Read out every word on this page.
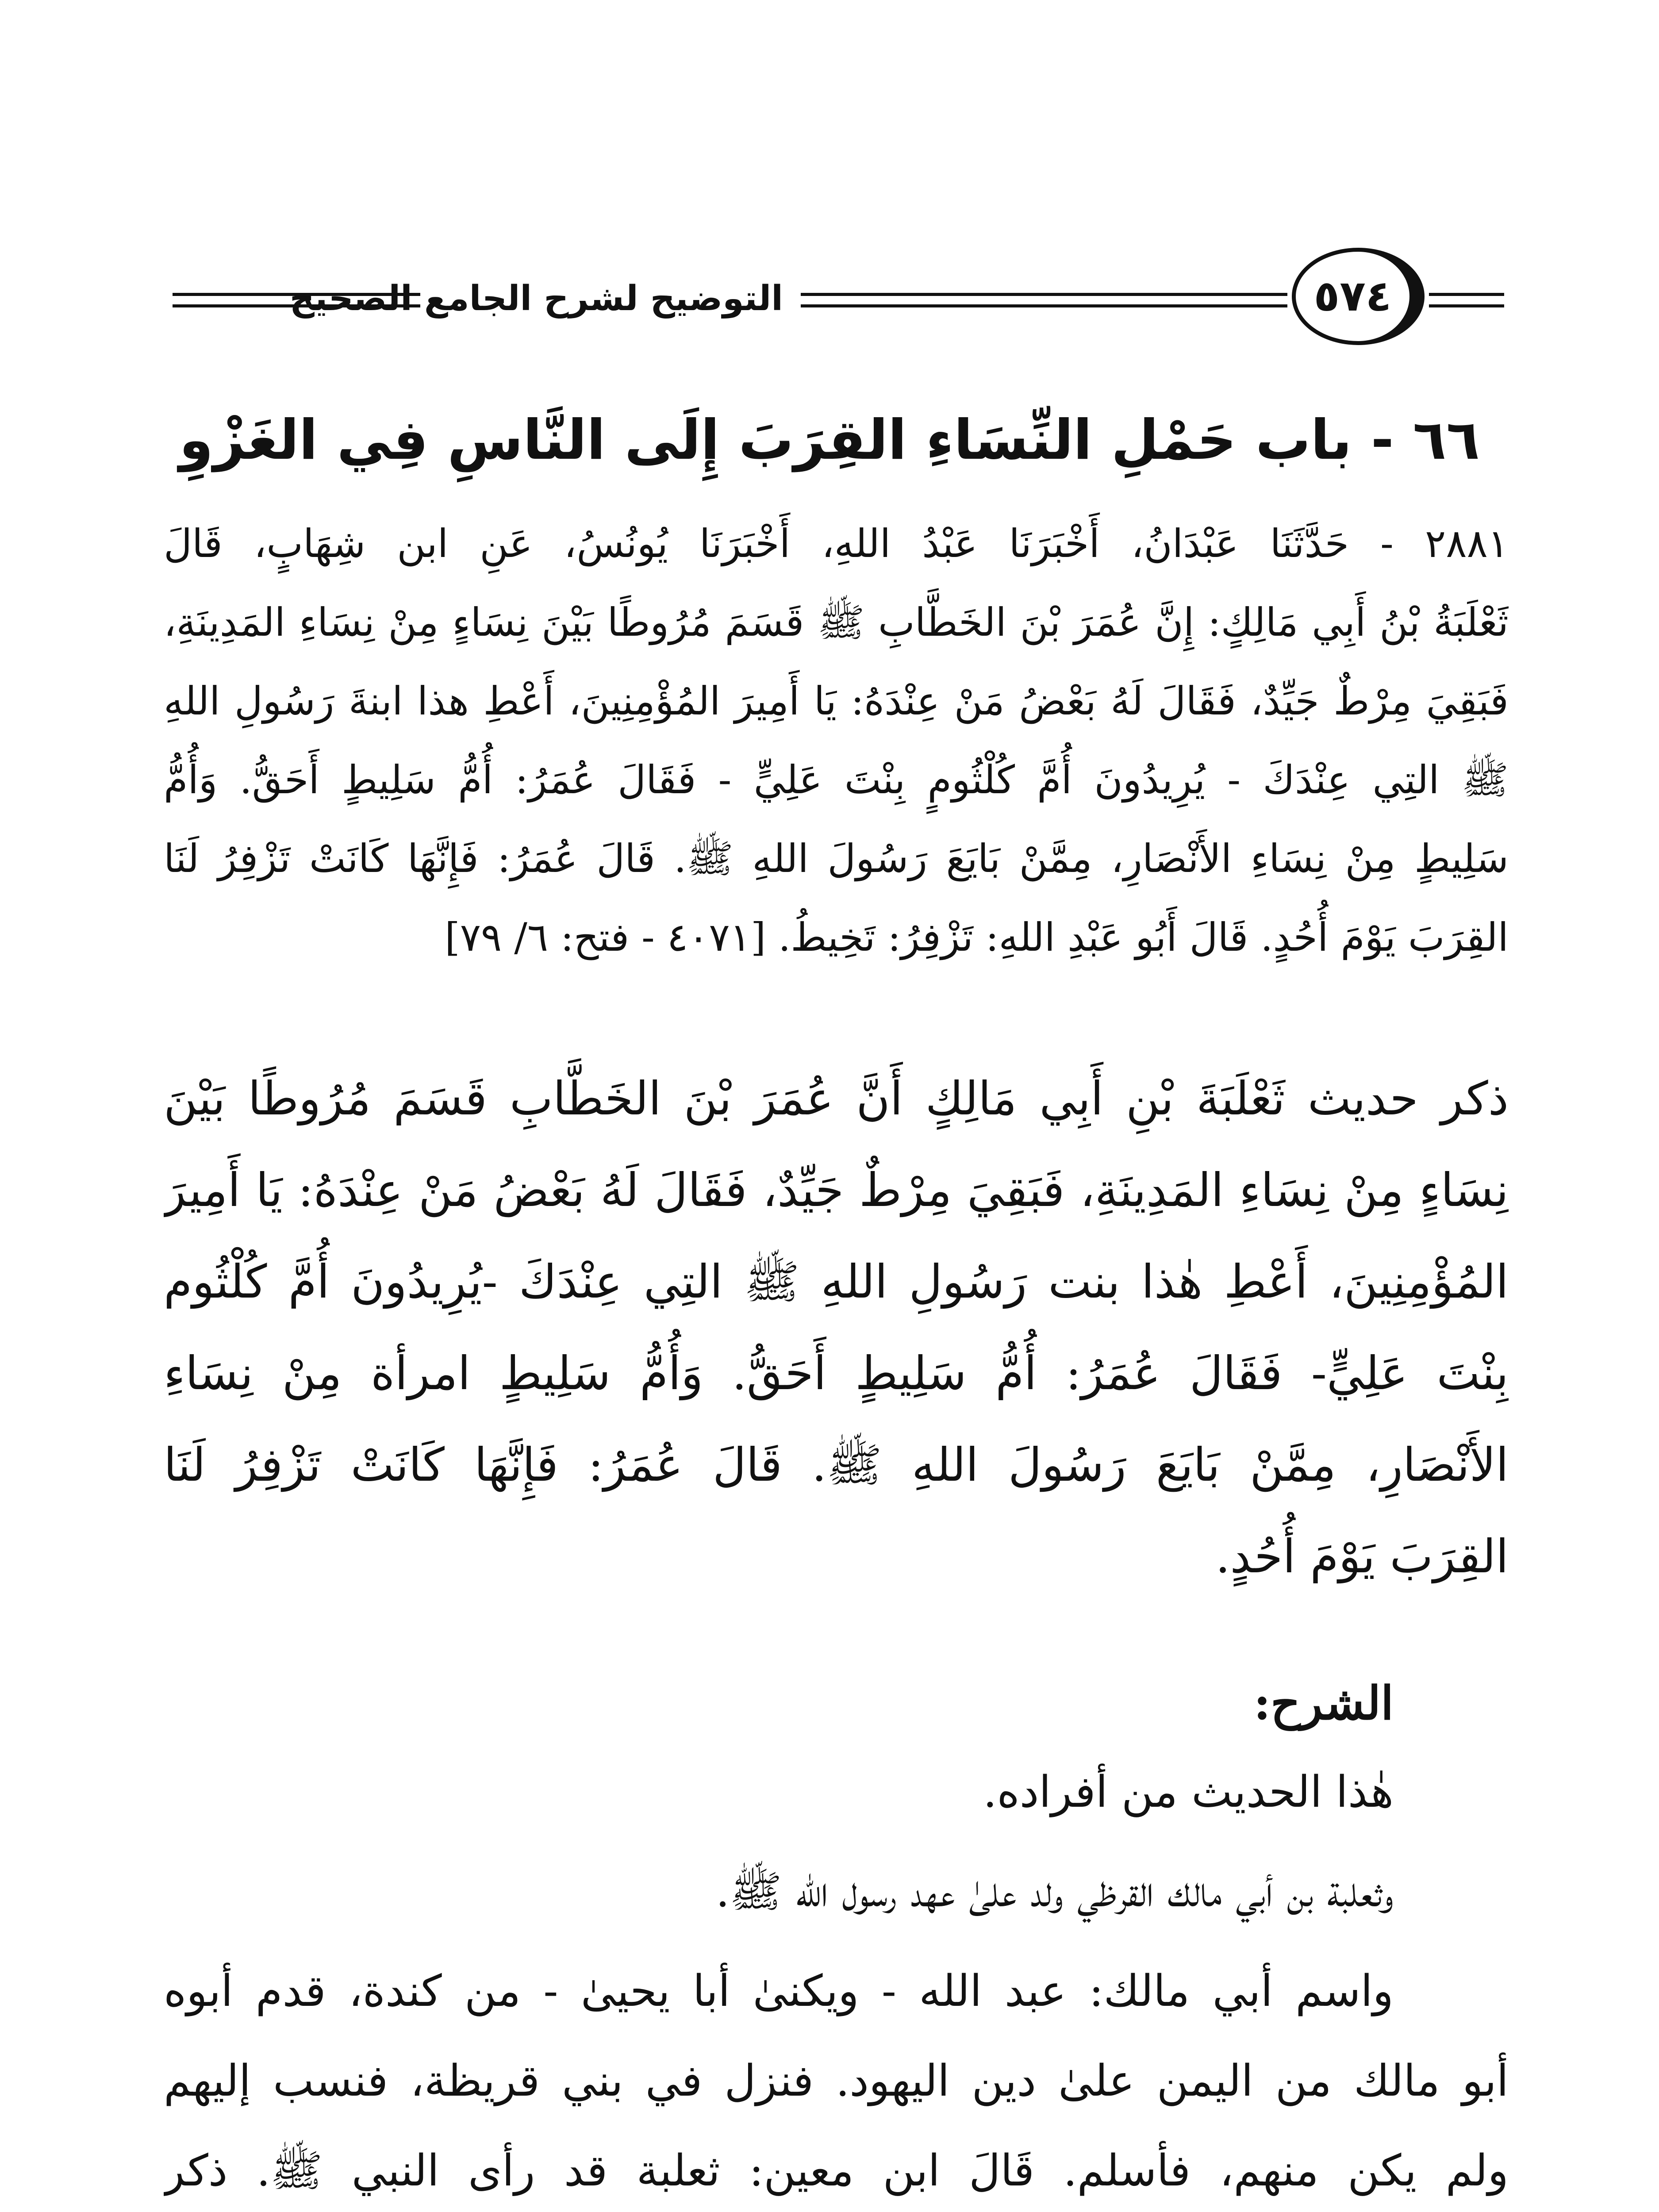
التوضيح لشرح الجامع الصحيح	٥٧٤
٦٦ - باب حَمْلِ النِّسَاءِ القِرَبَ إِلَى النَّاسِ فِي الغَزْوِ
٢٨٨١ - حَدَّثَنَا عَبْدَانُ، أَخْبَرَنَا عَبْدُ اللهِ، أَخْبَرَنَا يُونُسُ، عَنِ ابن شِهَابٍ، قَالَ
ثَعْلَبَةُ بْنُ أَبِي مَالِكٍ: إِنَّ عُمَرَ بْنَ الخَطَّابِ ﷺ قَسَمَ مُرُوطًا بَيْنَ نِسَاءٍ مِنْ نِسَاءِ المَدِينَةِ،
فَبَقِيَ مِرْطٌ جَيِّدٌ، فَقَالَ لَهُ بَعْضُ مَنْ عِنْدَهُ: يَا أَمِيرَ المُؤْمِنِينَ، أَعْطِ هذا ابنةَ رَسُولِ اللهِ
ﷺ التِي عِنْدَكَ - يُرِيدُونَ أُمَّ كُلْثُومٍ بِنْتَ عَلِيٍّ - فَقَالَ عُمَرُ: أُمُّ سَلِيطٍ أَحَقُّ. وَأُمُّ
سَلِيطٍ مِنْ نِسَاءِ الأَنْصَارِ، مِمَّنْ بَايَعَ رَسُولَ اللهِ ﷺ. قَالَ عُمَرُ: فَإِنَّهَا كَانَتْ تَزْفِرُ لَنَا
القِرَبَ يَوْمَ أُحُدٍ. قَالَ أَبُو عَبْدِ اللهِ: تَزْفِرُ: تَخِيطُ. [٤٠٧١ - فتح: ٦/ ٧٩]
ذكر حديث ثَعْلَبَةَ بْنِ أَبِي مَالِكٍ أَنَّ عُمَرَ بْنَ الخَطَّابِ قَسَمَ مُرُوطًا بَيْنَ
نِسَاءٍ مِنْ نِسَاءِ المَدِينَةِ، فَبَقِيَ مِرْطٌ جَيِّدٌ، فَقَالَ لَهُ بَعْضُ مَنْ عِنْدَهُ: يَا أَمِيرَ
المُؤْمِنِينَ، أَعْطِ هٰذا بنت رَسُولِ اللهِ ﷺ التِي عِنْدَكَ -يُرِيدُونَ أُمَّ كُلْثُوم
بِنْتَ عَلِيٍّ- فَقَالَ عُمَرُ: أُمُّ سَلِيطٍ أَحَقُّ. وَأُمُّ سَلِيطٍ امرأة مِنْ نِسَاءِ
الأَنْصَارِ، مِمَّنْ بَايَعَ رَسُولَ اللهِ ﷺ. قَالَ عُمَرُ: فَإِنَّهَا كَانَتْ تَزْفِرُ لَنَا
القِرَبَ يَوْمَ أُحُدٍ.
الشرح:
هٰذا الحديث من أفراده.
وثعلبة بن أبي مالك القرظي ولد علىٰ عهد رسول الله ﷺ.
واسم أبي مالك: عبد الله - ويكنىٰ أبا يحيىٰ - من كندة، قدم أبوه
أبو مالك من اليمن علىٰ دين اليهود. فنزل في بني قريظة، فنسب إليهم
ولم يكن منهم، فأسلم. قَالَ ابن معين: ثعلبة قد رأى النبي ﷺ. ذكر
